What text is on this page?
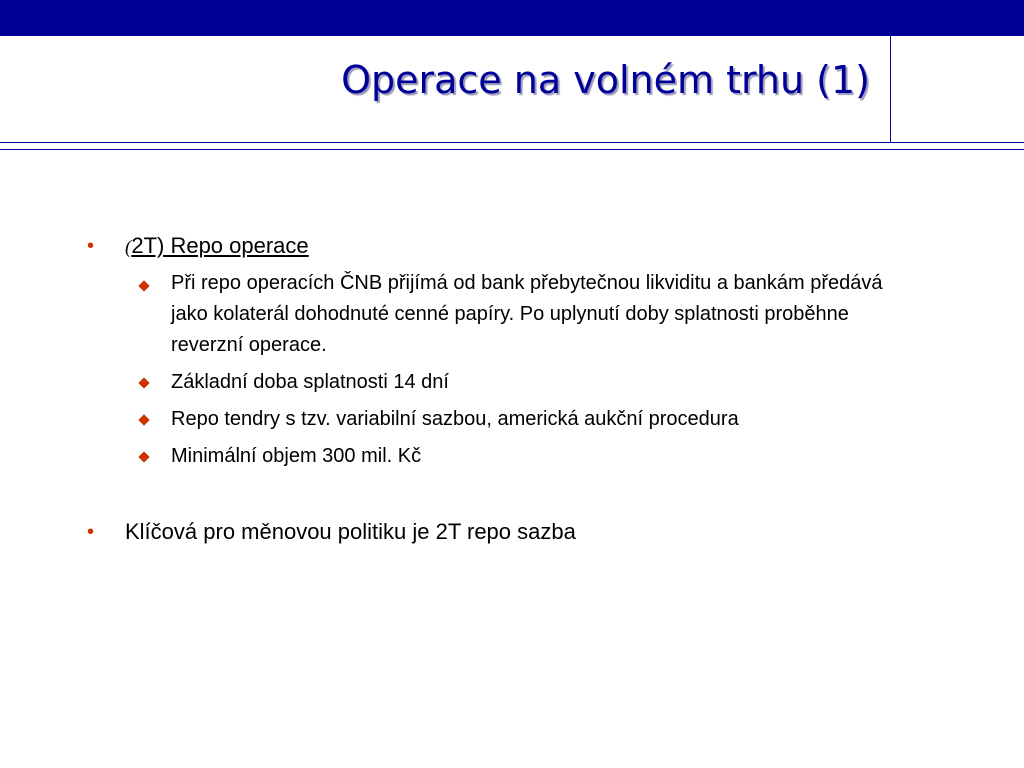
Operace na volném trhu (1)
• (2T) Repo operace
Při repo operacích ČNB přijímá od bank přebytečnou likviditu a bankám předává jako kolaterál dohodnuté cenné papíry. Po uplynutí doby splatnosti proběhne reverzní operace.
Základní doba splatnosti 14 dní
Repo tendry s tzv. variabilní sazbou, americká aukční procedura
Minimální objem 300 mil. Kč
• Klíčová pro měnovou politiku je 2T repo sazba
